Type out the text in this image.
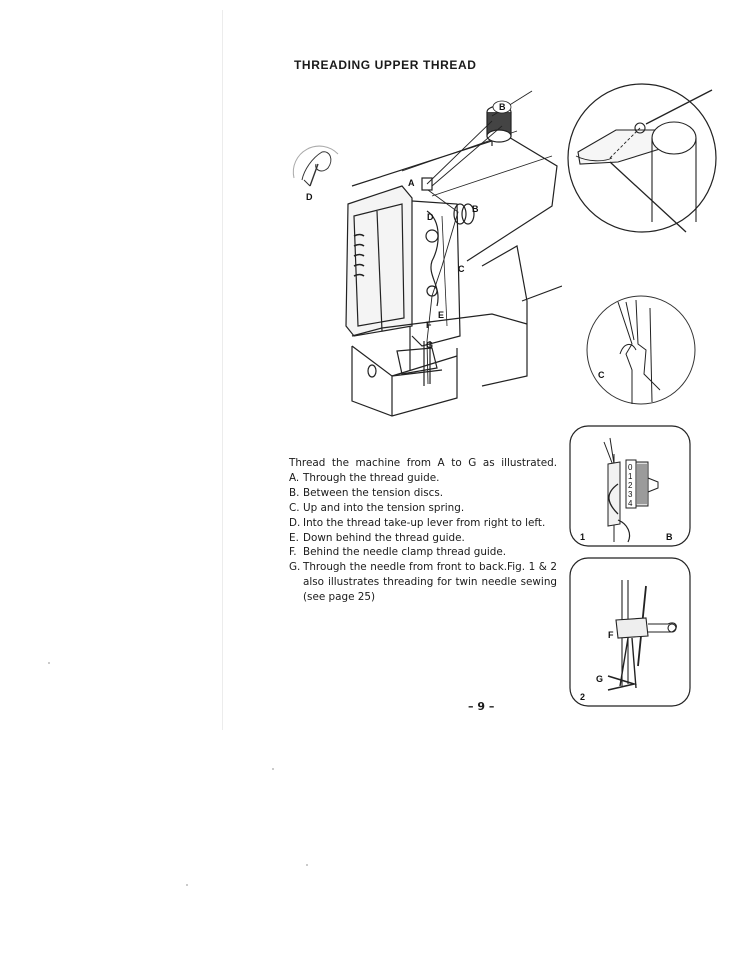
THREADING UPPER THREAD
B
A
B
C
D
E
F
G
D
C
0
1
2
3
4
1	B
F
G
2

Thread the machine from A to G as illustrated.

A. Through the thread guide.
B. Between the tension discs.
C. Up and into the tension spring.
D. Into the thread take-up lever from right to left.
E. Down behind the thread guide.
F. Behind the needle clamp thread guide.
G. Through the needle from front to back.Fig. 1 & 2 also illustrates threading for twin needle sewing (see page 25)
– 9 –
